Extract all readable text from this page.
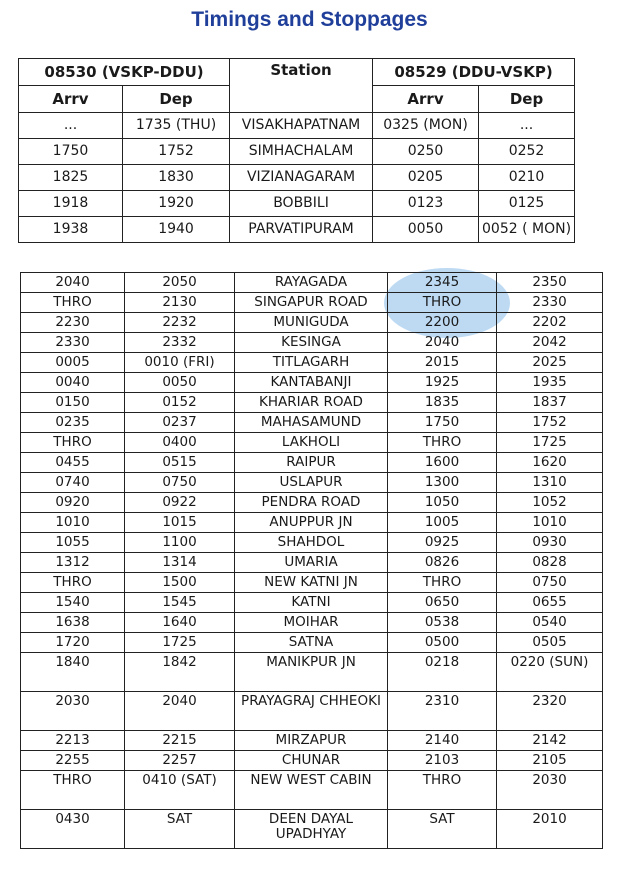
Timings and Stoppages
08530 (VSKP-DDU)		Station	08529 (DDU-VSKP)	
Arrv	Dep		Arrv	Dep
...	1735 (THU)	VISAKHAPATNAM	0325 (MON)	...
1750	1752	SIMHACHALAM	0250	0252
1825	1830	VIZIANAGARAM	0205	0210
1918	1920	BOBBILI	0123	0125
1938	1940	PARVATIPURAM	0050	0052 ( MON)
2040	2050	RAYAGADA	2345	2350
THRO	2130	SINGAPUR ROAD	THRO	2330
2230	2232	MUNIGUDA	2200	2202
2330	2332	KESINGA	2040	2042
0005	0010 (FRI)	TITLAGARH	2015	2025
0040	0050	KANTABANJI	1925	1935
0150	0152	KHARIAR ROAD	1835	1837
0235	0237	MAHASAMUND	1750	1752
THRO	0400	LAKHOLI	THRO	1725
0455	0515	RAIPUR	1600	1620
0740	0750	USLAPUR	1300	1310
0920	0922	PENDRA ROAD	1050	1052
1010	1015	ANUPPUR JN	1005	1010
1055	1100	SHAHDOL	0925	0930
1312	1314	UMARIA	0826	0828
THRO	1500	NEW KATNI JN	THRO	0750
1540	1545	KATNI	0650	0655
1638	1640	MOIHAR	0538	0540
1720	1725	SATNA	0500	0505
1840	1842	MANIKPUR JN	0218	0220 (SUN)
2030	2040	PRAYAGRAJ CHHEOKI	2310	2320
2213	2215	MIRZAPUR	2140	2142
2255	2257	CHUNAR	2103	2105
THRO	0410 (SAT)	NEW WEST CABIN	THRO	2030
0430	SAT	DEEN DAYAL UPADHYAY	SAT	2010
